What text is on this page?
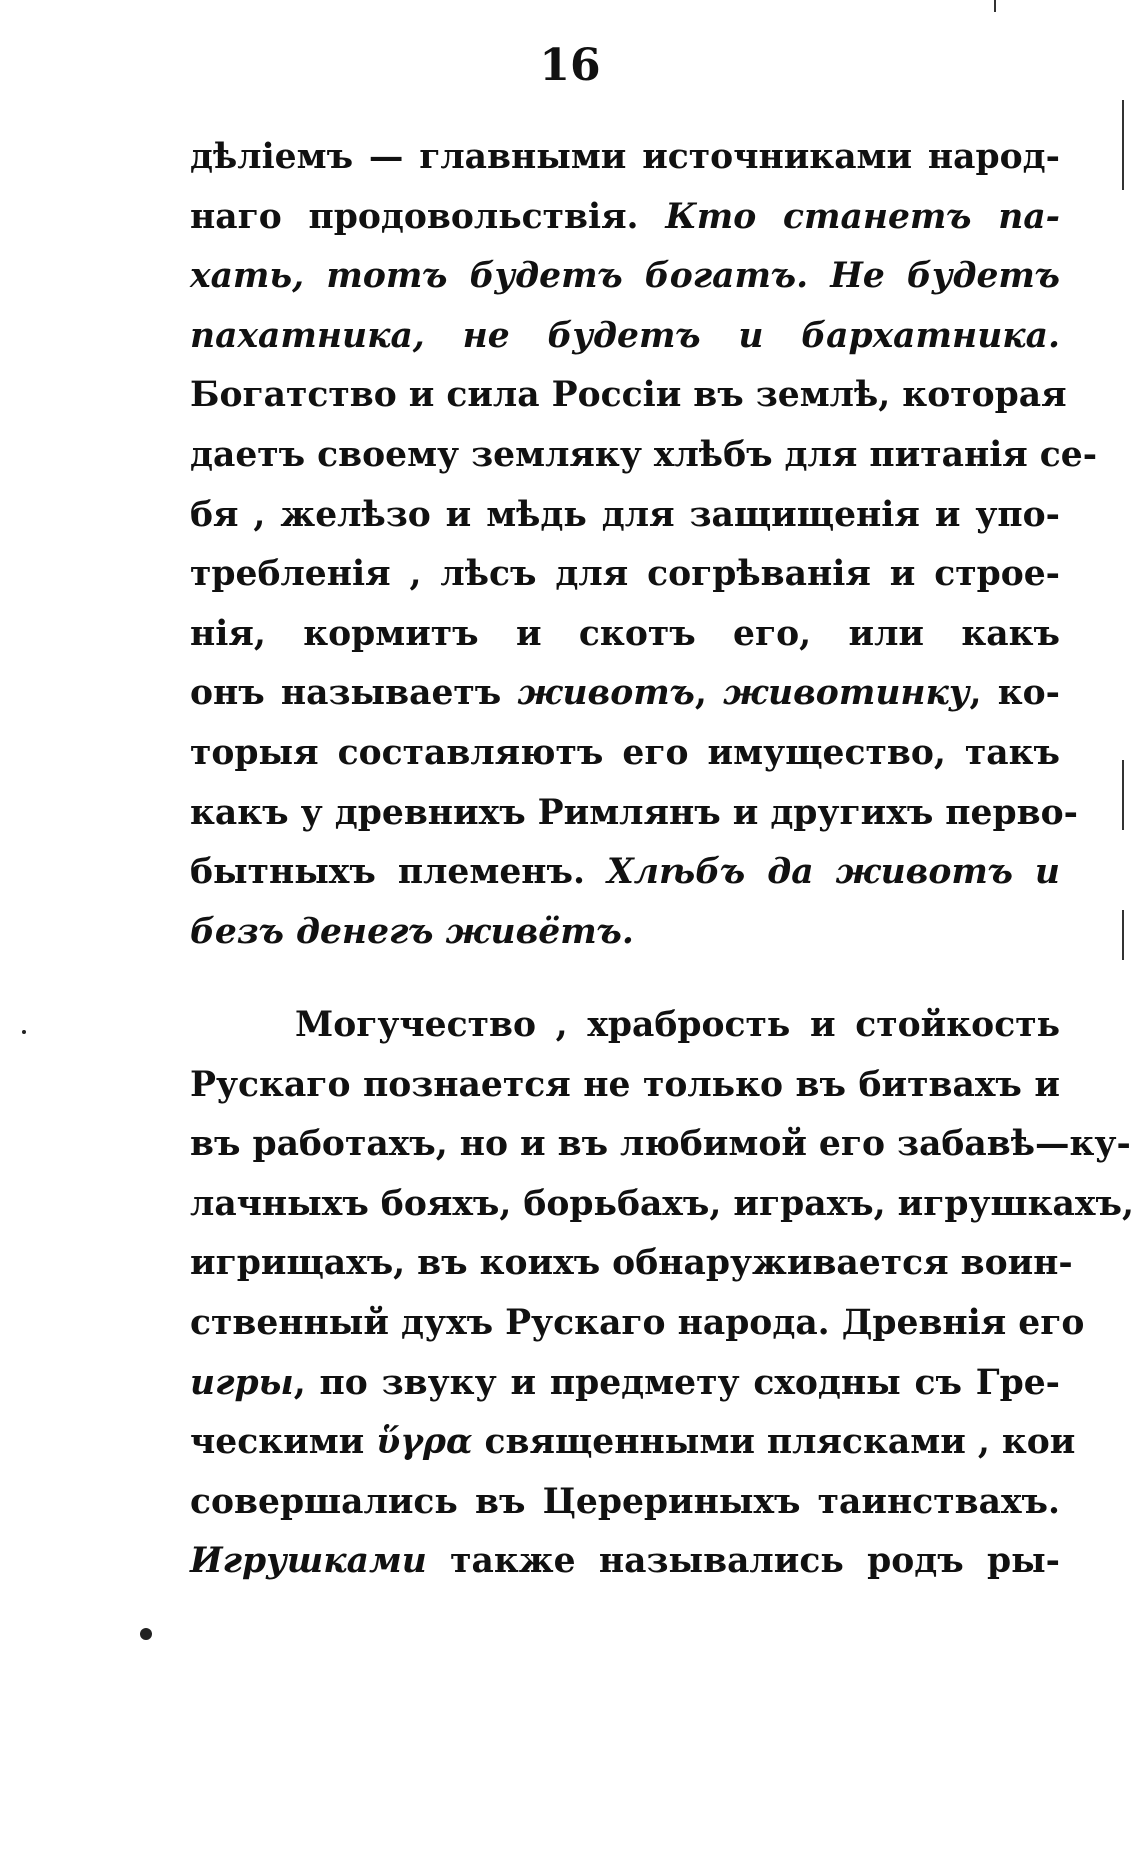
16
дѣліемъ — главными источниками народ-
наго продовольствія. Кто станетъ па-
хать, тотъ будетъ богатъ. Не будетъ
пахатника, не будетъ и бархатника.
Богатство и сила Россіи въ землѣ, которая
даетъ своему земляку хлѣбъ для питанія се-
бя , желѣзо и мѣдь для защищенія и упо-
требленія , лѣсъ для согрѣванія и строе-
нія, кормитъ и скотъ его, или какъ
онъ называетъ животъ, животинку, ко-
торыя составляютъ его имущество, такъ
какъ у древнихъ Римлянъ и другихъ перво-
бытныхъ племенъ. Хлѣбъ да животъ и
безъ денегъ живётъ.
Могучество , храбрость и стойкость
Рускаго познается не только въ битвахъ и
въ работахъ, но и въ любимой его забавѣ—ку-
лачныхъ бояхъ, борьбахъ, играхъ, игрушкахъ,
игрищахъ, въ коихъ обнаруживается воин-
ственный духъ Рускаго народа. Древнія его
игры, по звуку и предмету сходны съ Гре-
ческими ὕγρα священными плясками , кои
совершались въ Церериныхъ таинствахъ.
Игрушками также назывались родъ ры-
